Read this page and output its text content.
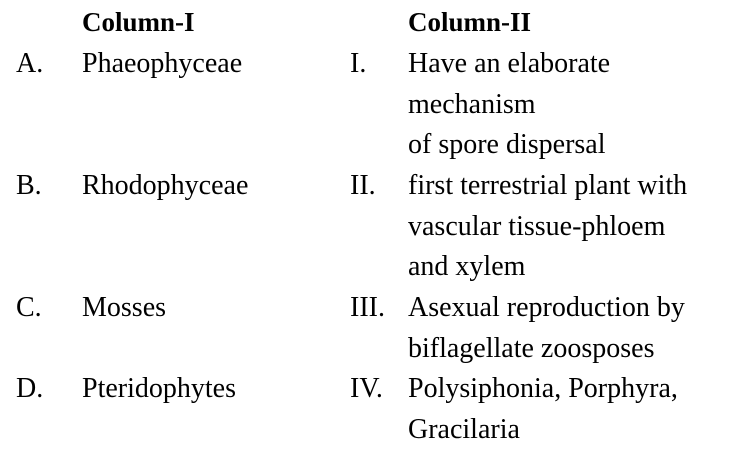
Column-I	Column-II
A. Phaeophyceae	I. Have an elaborate
mechanism
of spore dispersal
B. Rhodophyceae	II. first terrestrial plant with
vascular tissue-phloem
and xylem
C. Mosses	III. Asexual reproduction by
biflagellate zoosposes
D. Pteridophytes	IV. Polysiphonia, Porphyra,
Gracilaria
